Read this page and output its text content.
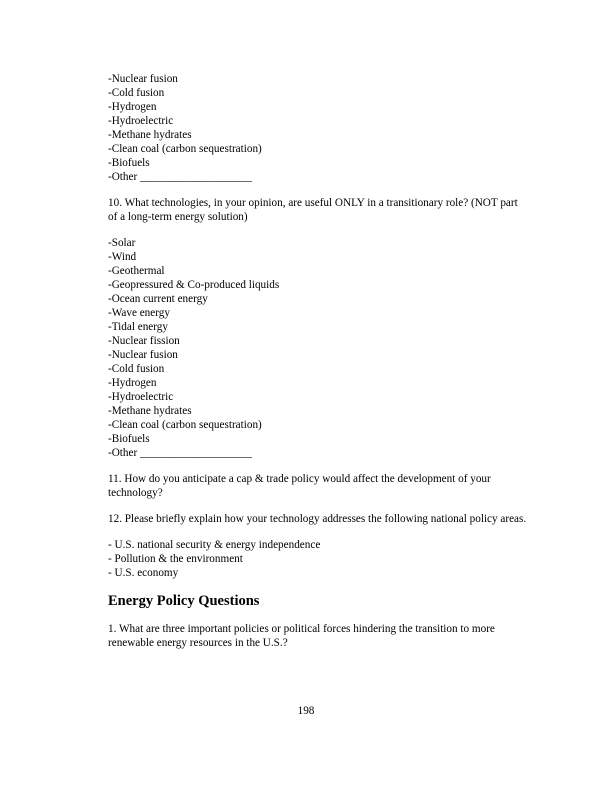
-Nuclear fusion
-Cold fusion
-Hydrogen
-Hydroelectric
-Methane hydrates
-Clean coal (carbon sequestration)
-Biofuels
-Other ____________________
10. What technologies, in your opinion, are useful ONLY in a transitionary role? (NOT part of a long-term energy solution)
-Solar
-Wind
-Geothermal
-Geopressured & Co-produced liquids
-Ocean current energy
-Wave energy
-Tidal energy
-Nuclear fission
-Nuclear fusion
-Cold fusion
-Hydrogen
-Hydroelectric
-Methane hydrates
-Clean coal (carbon sequestration)
-Biofuels
-Other ____________________
11. How do you anticipate a cap & trade policy would affect the development of your technology?
12. Please briefly explain how your technology addresses the following national policy areas.
- U.S. national security & energy independence
- Pollution & the environment
- U.S. economy
Energy Policy Questions
1. What are three important policies or political forces hindering the transition to more renewable energy resources in the U.S.?
198
